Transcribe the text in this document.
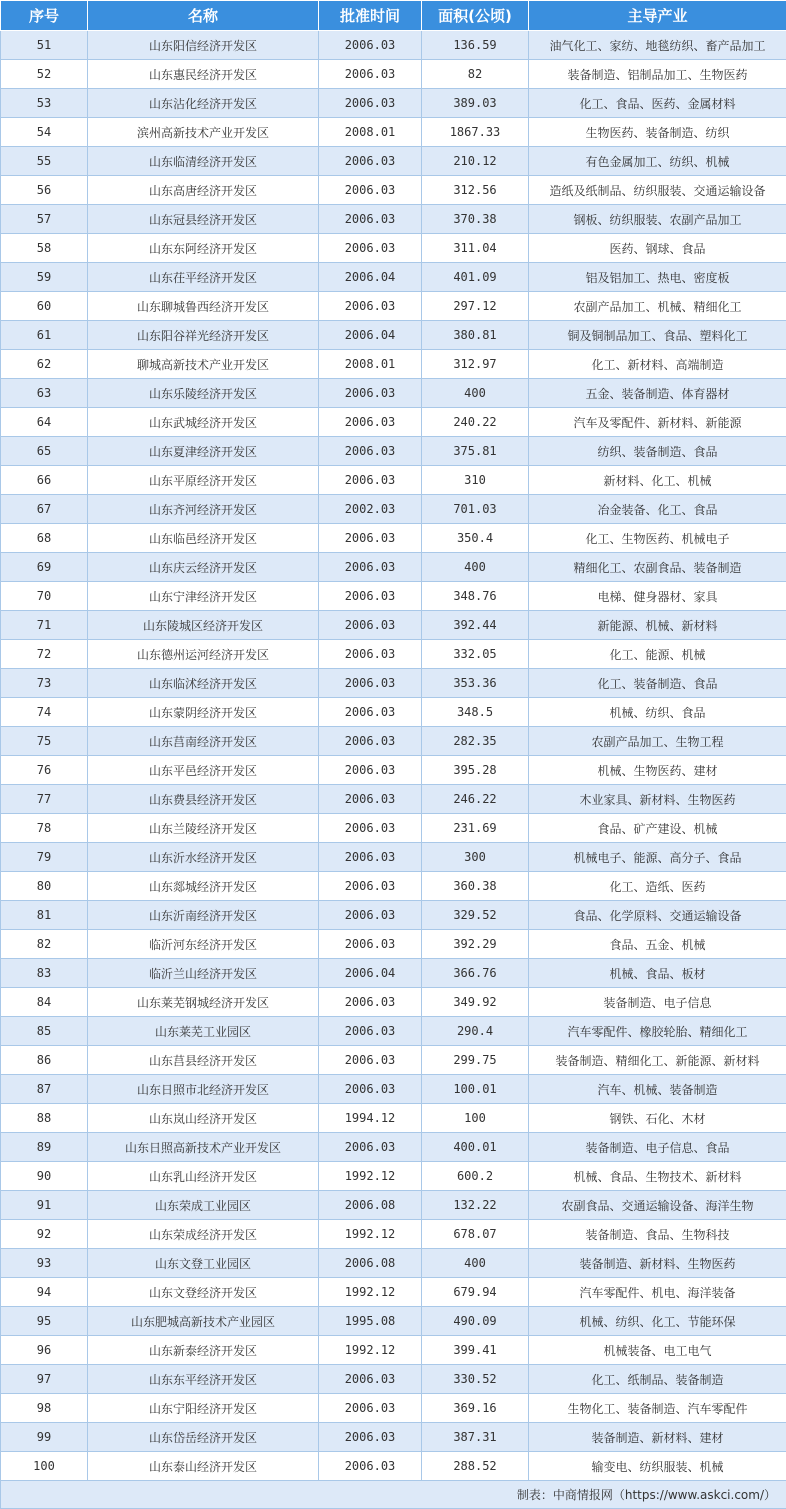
序号	名称	批准时间	面积(公顷)	主导产业
51	山东阳信经济开发区	2006.03	136.59	油气化工、家纺、地毯纺织、畜产品加工
52	山东惠民经济开发区	2006.03	82	装备制造、铝制品加工、生物医药
53	山东沾化经济开发区	2006.03	389.03	化工、食品、医药、金属材料
54	滨州高新技术产业开发区	2008.01	1867.33	生物医药、装备制造、纺织
55	山东临清经济开发区	2006.03	210.12	有色金属加工、纺织、机械
56	山东高唐经济开发区	2006.03	312.56	造纸及纸制品、纺织服装、交通运输设备
57	山东冠县经济开发区	2006.03	370.38	钢板、纺织服装、农副产品加工
58	山东东阿经济开发区	2006.03	311.04	医药、钢球、食品
59	山东茌平经济开发区	2006.04	401.09	铝及铝加工、热电、密度板
60	山东聊城鲁西经济开发区	2006.03	297.12	农副产品加工、机械、精细化工
61	山东阳谷祥光经济开发区	2006.04	380.81	铜及铜制品加工、食品、塑料化工
62	聊城高新技术产业开发区	2008.01	312.97	化工、新材料、高端制造
63	山东乐陵经济开发区	2006.03	400	五金、装备制造、体育器材
64	山东武城经济开发区	2006.03	240.22	汽车及零配件、新材料、新能源
65	山东夏津经济开发区	2006.03	375.81	纺织、装备制造、食品
66	山东平原经济开发区	2006.03	310	新材料、化工、机械
67	山东齐河经济开发区	2002.03	701.03	冶金装备、化工、食品
68	山东临邑经济开发区	2006.03	350.4	化工、生物医药、机械电子
69	山东庆云经济开发区	2006.03	400	精细化工、农副食品、装备制造
70	山东宁津经济开发区	2006.03	348.76	电梯、健身器材、家具
71	山东陵城区经济开发区	2006.03	392.44	新能源、机械、新材料
72	山东德州运河经济开发区	2006.03	332.05	化工、能源、机械
73	山东临沭经济开发区	2006.03	353.36	化工、装备制造、食品
74	山东蒙阴经济开发区	2006.03	348.5	机械、纺织、食品
75	山东莒南经济开发区	2006.03	282.35	农副产品加工、生物工程
76	山东平邑经济开发区	2006.03	395.28	机械、生物医药、建材
77	山东费县经济开发区	2006.03	246.22	木业家具、新材料、生物医药
78	山东兰陵经济开发区	2006.03	231.69	食品、矿产建设、机械
79	山东沂水经济开发区	2006.03	300	机械电子、能源、高分子、食品
80	山东郯城经济开发区	2006.03	360.38	化工、造纸、医药
81	山东沂南经济开发区	2006.03	329.52	食品、化学原料、交通运输设备
82	临沂河东经济开发区	2006.03	392.29	食品、五金、机械
83	临沂兰山经济开发区	2006.04	366.76	机械、食品、板材
84	山东莱芜钢城经济开发区	2006.03	349.92	装备制造、电子信息
85	山东莱芜工业园区	2006.03	290.4	汽车零配件、橡胶轮胎、精细化工
86	山东莒县经济开发区	2006.03	299.75	装备制造、精细化工、新能源、新材料
87	山东日照市北经济开发区	2006.03	100.01	汽车、机械、装备制造
88	山东岚山经济开发区	1994.12	100	钢铁、石化、木材
89	山东日照高新技术产业开发区	2006.03	400.01	装备制造、电子信息、食品
90	山东乳山经济开发区	1992.12	600.2	机械、食品、生物技术、新材料
91	山东荣成工业园区	2006.08	132.22	农副食品、交通运输设备、海洋生物
92	山东荣成经济开发区	1992.12	678.07	装备制造、食品、生物科技
93	山东文登工业园区	2006.08	400	装备制造、新材料、生物医药
94	山东文登经济开发区	1992.12	679.94	汽车零配件、机电、海洋装备
95	山东肥城高新技术产业园区	1995.08	490.09	机械、纺织、化工、节能环保
96	山东新泰经济开发区	1992.12	399.41	机械装备、电工电气
97	山东东平经济开发区	2006.03	330.52	化工、纸制品、装备制造
98	山东宁阳经济开发区	2006.03	369.16	生物化工、装备制造、汽车零配件
99	山东岱岳经济开发区	2006.03	387.31	装备制造、新材料、建材
100	山东泰山经济开发区	2006.03	288.52	输变电、纺织服装、机械
制表：中商情报网（https://www.askci.com/）				
